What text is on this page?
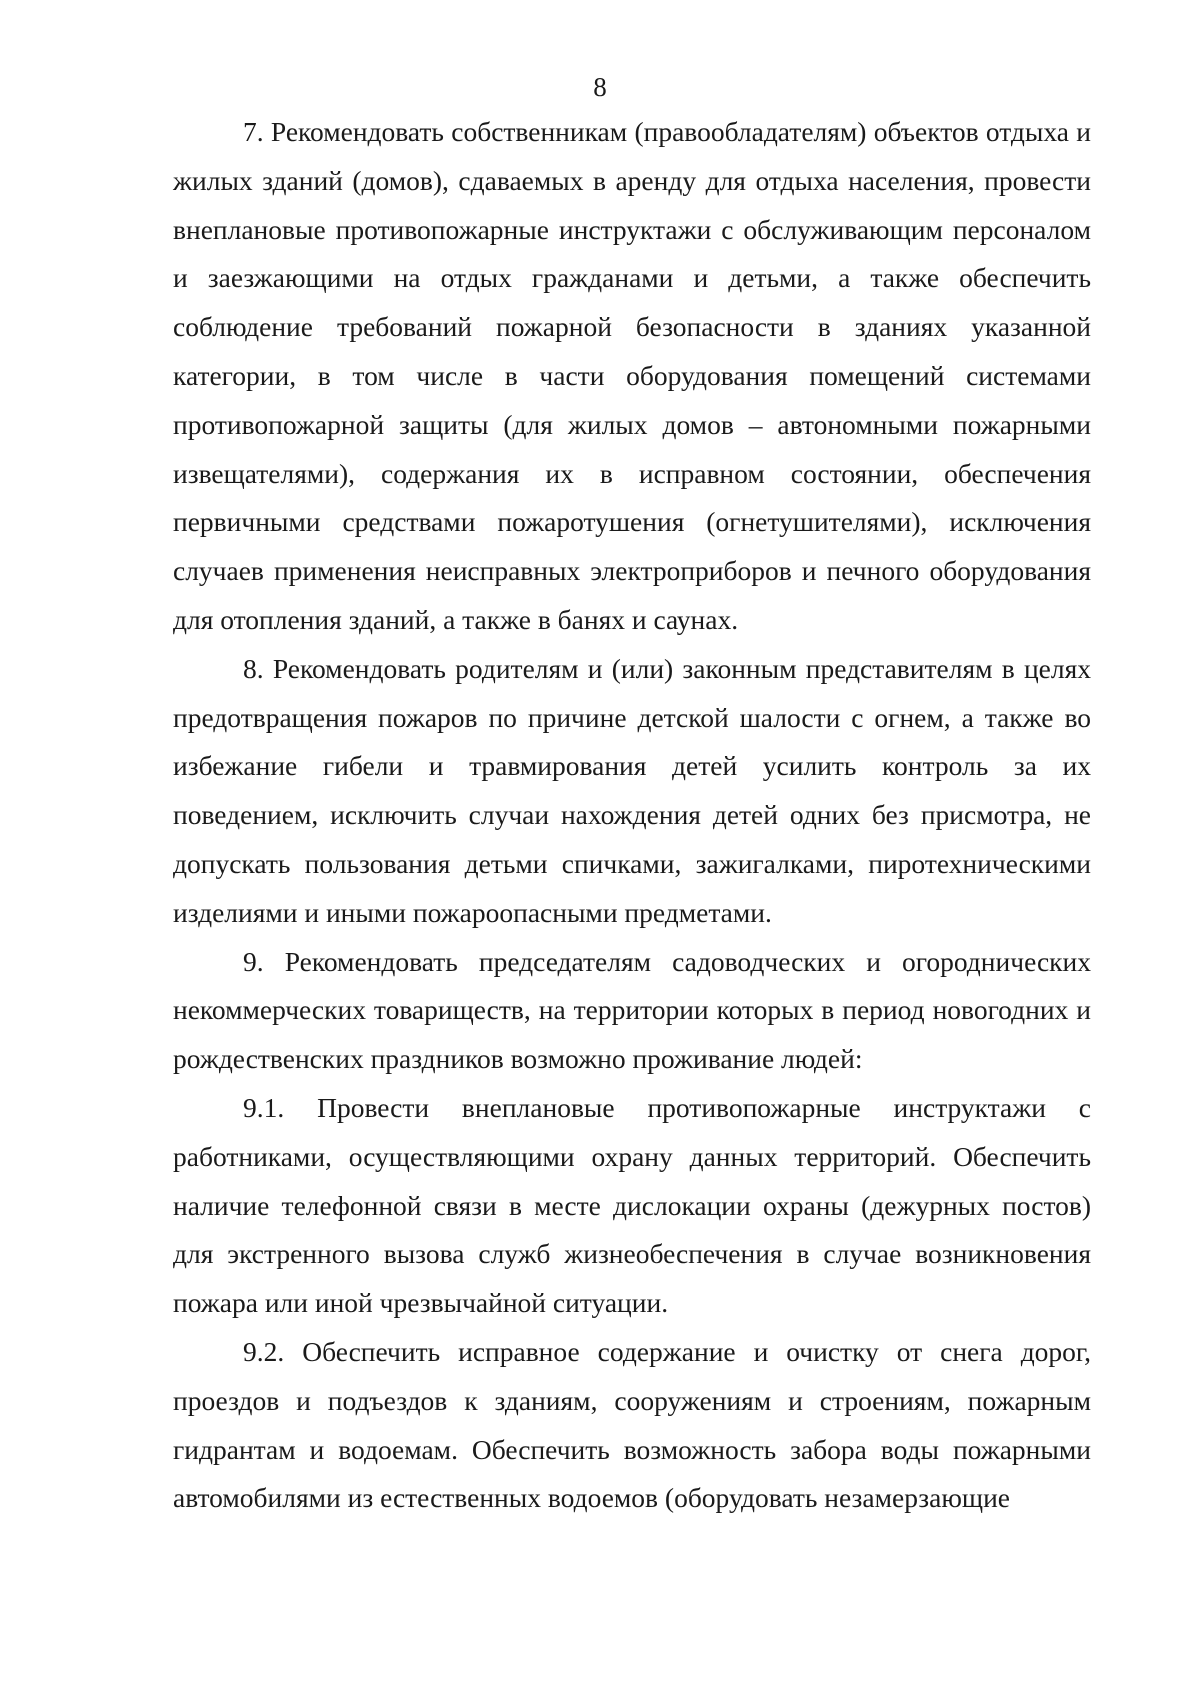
8

7. Рекомендовать собственникам (правообладателям) объектов отдыха и жилых зданий (домов), сдаваемых в аренду для отдыха населения, провести внеплановые противопожарные инструктажи с обслуживающим персоналом и заезжающими на отдых гражданами и детьми, а также обеспечить соблюдение требований пожарной безопасности в зданиях указанной категории, в том числе в части оборудования помещений системами противопожарной защиты (для жилых домов – автономными пожарными извещателями), содержания их в исправном состоянии, обеспечения первичными средствами пожаротушения (огнетушителями), исключения случаев применения неисправных электроприборов и печного оборудования для отопления зданий, а также в банях и саунах.

8. Рекомендовать родителям и (или) законным представителям в целях предотвращения пожаров по причине детской шалости с огнем, а также во избежание гибели и травмирования детей усилить контроль за их поведением, исключить случаи нахождения детей одних без присмотра, не допускать пользования детьми спичками, зажигалками, пиротехническими изделиями и иными пожароопасными предметами.

9. Рекомендовать председателям садоводческих и огороднических некоммерческих товариществ, на территории которых в период новогодних и рождественских праздников возможно проживание людей:

9.1. Провести внеплановые противопожарные инструктажи с работниками, осуществляющими охрану данных территорий. Обеспечить наличие телефонной связи в месте дислокации охраны (дежурных постов) для экстренного вызова служб жизнеобеспечения в случае возникновения пожара или иной чрезвычайной ситуации.

9.2. Обеспечить исправное содержание и очистку от снега дорог, проездов и подъездов к зданиям, сооружениям и строениям, пожарным гидрантам и водоемам. Обеспечить возможность забора воды пожарными автомобилями из естественных водоемов (оборудовать незамерзающие
